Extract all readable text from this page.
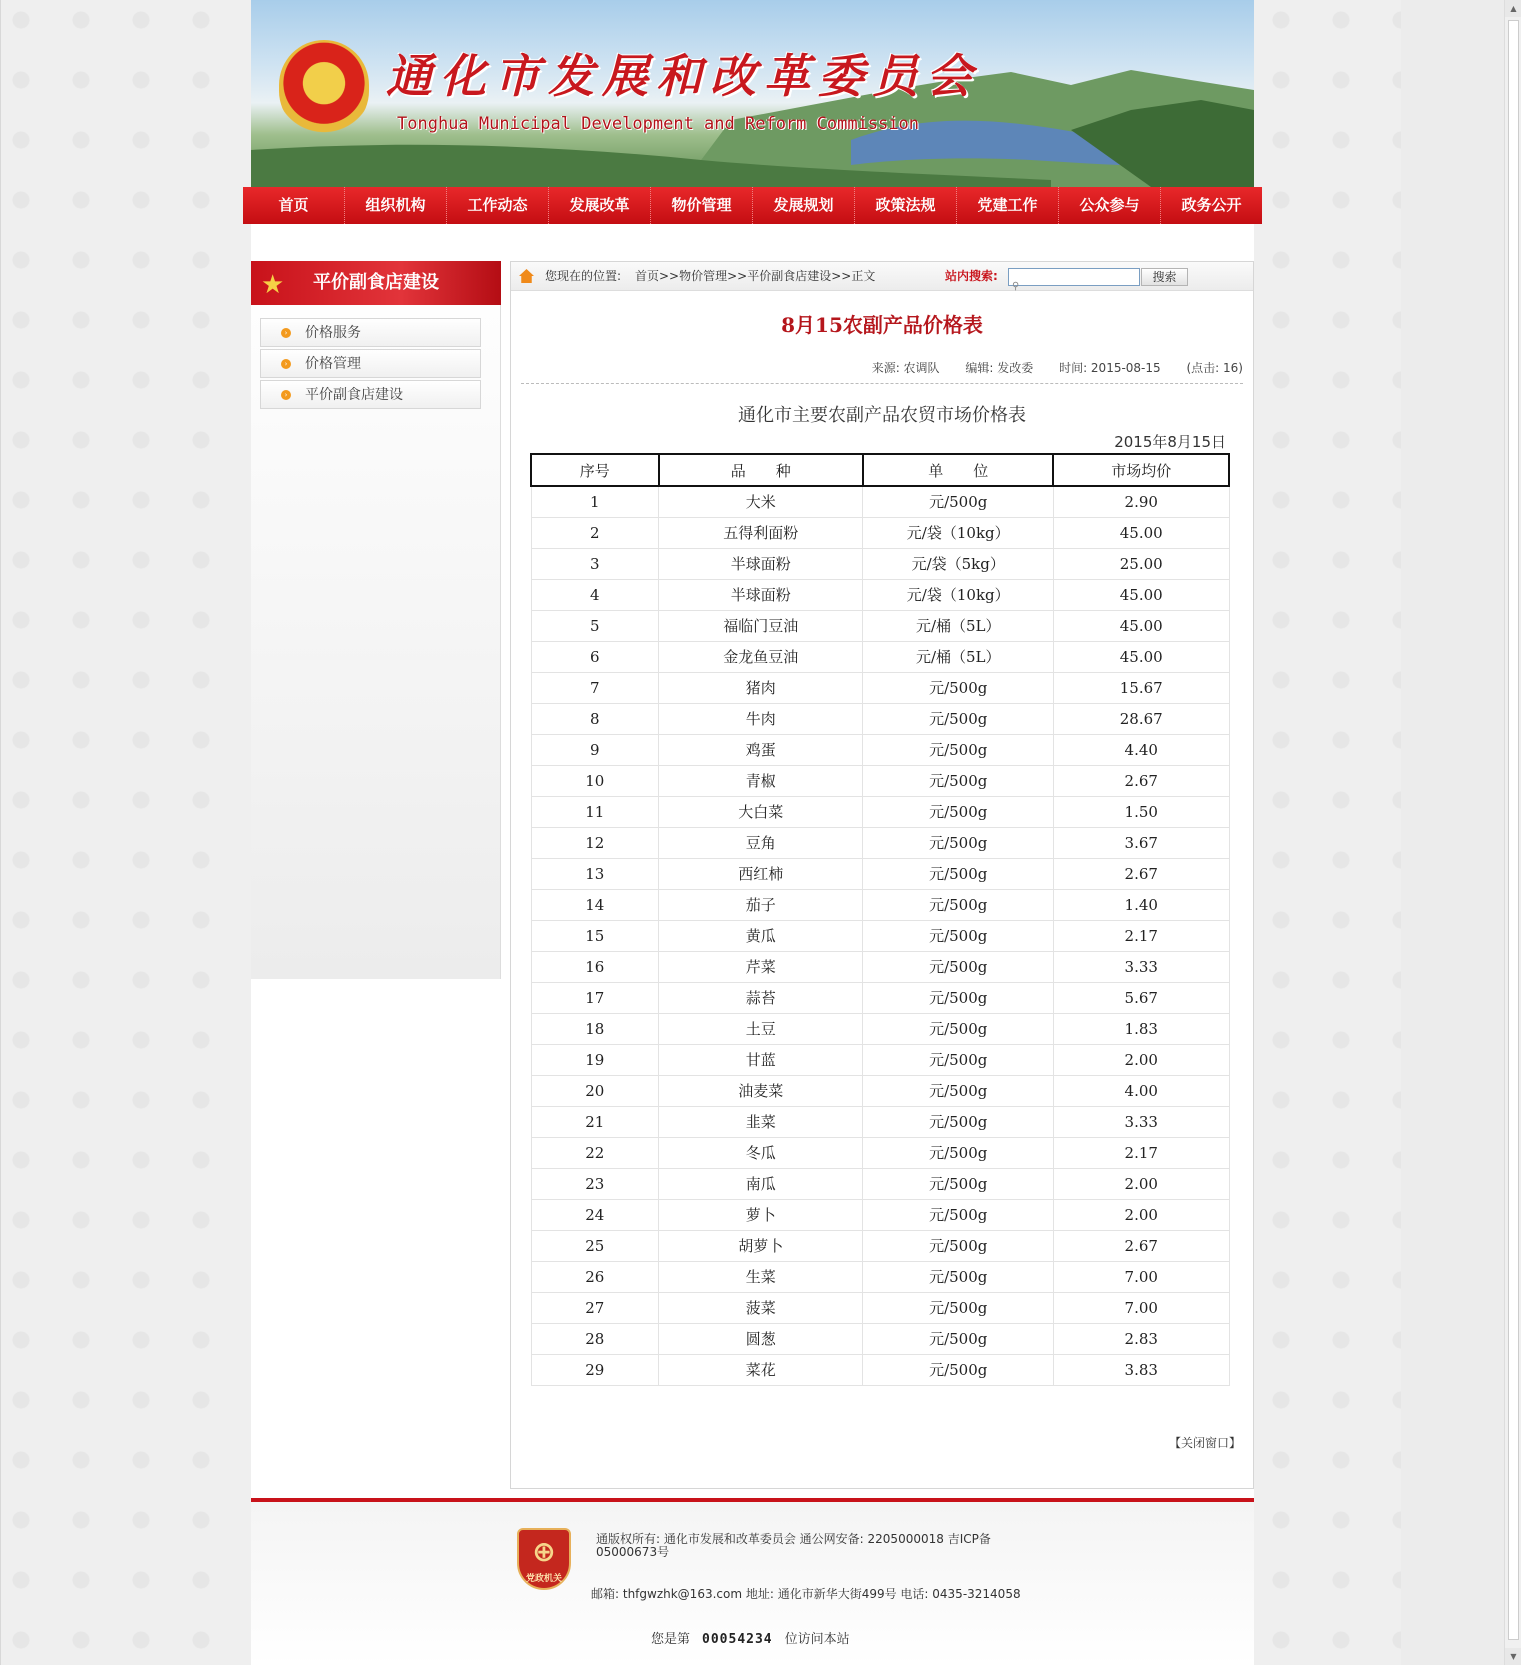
通化市发展和改革委员会
Tonghua Municipal Development and Reform Commission
首页	组织机构	工作动态	发展改革	物价管理	发展规划	政策法规	党建工作	公众参与	政务公开
★ 平价副食店建设
› 价格服务
› 价格管理
› 平价副食店建设
您现在的位置: 首页>>物价管理>>平价副食店建设>>正文	站内搜索:
⚲
搜索
8月15农副产品价格表
来源: 农调队 编辑: 发改委 时间: 2015-08-15 (点击: 16)
通化市主要农副产品农贸市场价格表
2015年8月15日
序号	品　　种	单　　位	市场均价
1	大米	元/500g	2.90
2	五得利面粉	元/袋（10kg）	45.00
3	半球面粉	元/袋（5kg）	25.00
4	半球面粉	元/袋（10kg）	45.00
5	福临门豆油	元/桶（5L）	45.00
6	金龙鱼豆油	元/桶（5L）	45.00
7	猪肉	元/500g	15.67
8	牛肉	元/500g	28.67
9	鸡蛋	元/500g	4.40
10	青椒	元/500g	2.67
11	大白菜	元/500g	1.50
12	豆角	元/500g	3.67
13	西红柿	元/500g	2.67
14	茄子	元/500g	1.40
15	黄瓜	元/500g	2.17
16	芹菜	元/500g	3.33
17	蒜苔	元/500g	5.67
18	土豆	元/500g	1.83
19	甘蓝	元/500g	2.00
20	油麦菜	元/500g	4.00
21	韭菜	元/500g	3.33
22	冬瓜	元/500g	2.17
23	南瓜	元/500g	2.00
24	萝卜	元/500g	2.00
25	胡萝卜	元/500g	2.67
26	生菜	元/500g	7.00
27	菠菜	元/500g	7.00
28	圆葱	元/500g	2.83
29	菜花	元/500g	3.83
【关闭窗口】
⊕
党政机关
通版权所有: 通化市发展和改革委员会 通公网安备: 2205000018 吉ICP备05000673号
邮箱: thfgwzhk@163.com 地址: 通化市新华大街499号 电话: 0435-3214058
您是第 00054234 位访问本站
▲
▼
